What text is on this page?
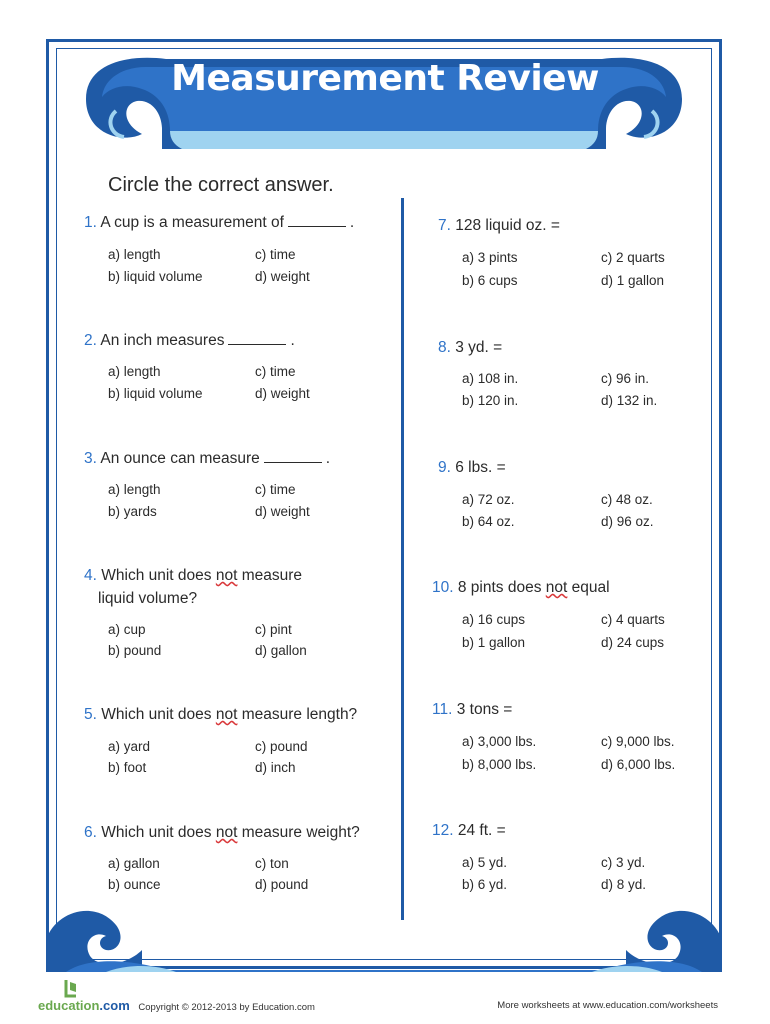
Measurement Review
Circle the correct answer.
1. A cup is a measurement of	.
a) length
b) liquid volume
c) time
d) weight
2. An inch measures	.
a) length
b) liquid volume
c) time
d) weight
3. An ounce can measure	.
a) length
b) yards
c) time
d) weight
4. Which unit does not measure
liquid volume?
a) cup
b) pound
c) pint
d) gallon
5. Which unit does not measure length?
a) yard
b) foot
c) pound
d) inch
6. Which unit does not measure weight?
a) gallon
b) ounce
c) ton
d) pound
7. 128 liquid oz. =
a) 3 pints
b) 6 cups
c) 2 quarts
d) 1 gallon
8. 3 yd. =
a) 108 in.
b) 120 in.
c) 96 in.
d) 132 in.
9. 6 lbs. =
a) 72 oz.
b) 64 oz.
c) 48 oz.
d) 96 oz.
10. 8 pints does not equal
a) 16 cups
b) 1 gallon
c) 4 quarts
d) 24 cups
11. 3 tons =
a) 3,000 lbs.
b) 8,000 lbs.
c) 9,000 lbs.
d) 6,000 lbs.
12. 24 ft. =
a) 5 yd.
b) 6 yd.
c) 3 yd.
d) 8 yd.
education.com Copyright © 2012-2013 by Education.com	More worksheets at www.education.com/worksheets
